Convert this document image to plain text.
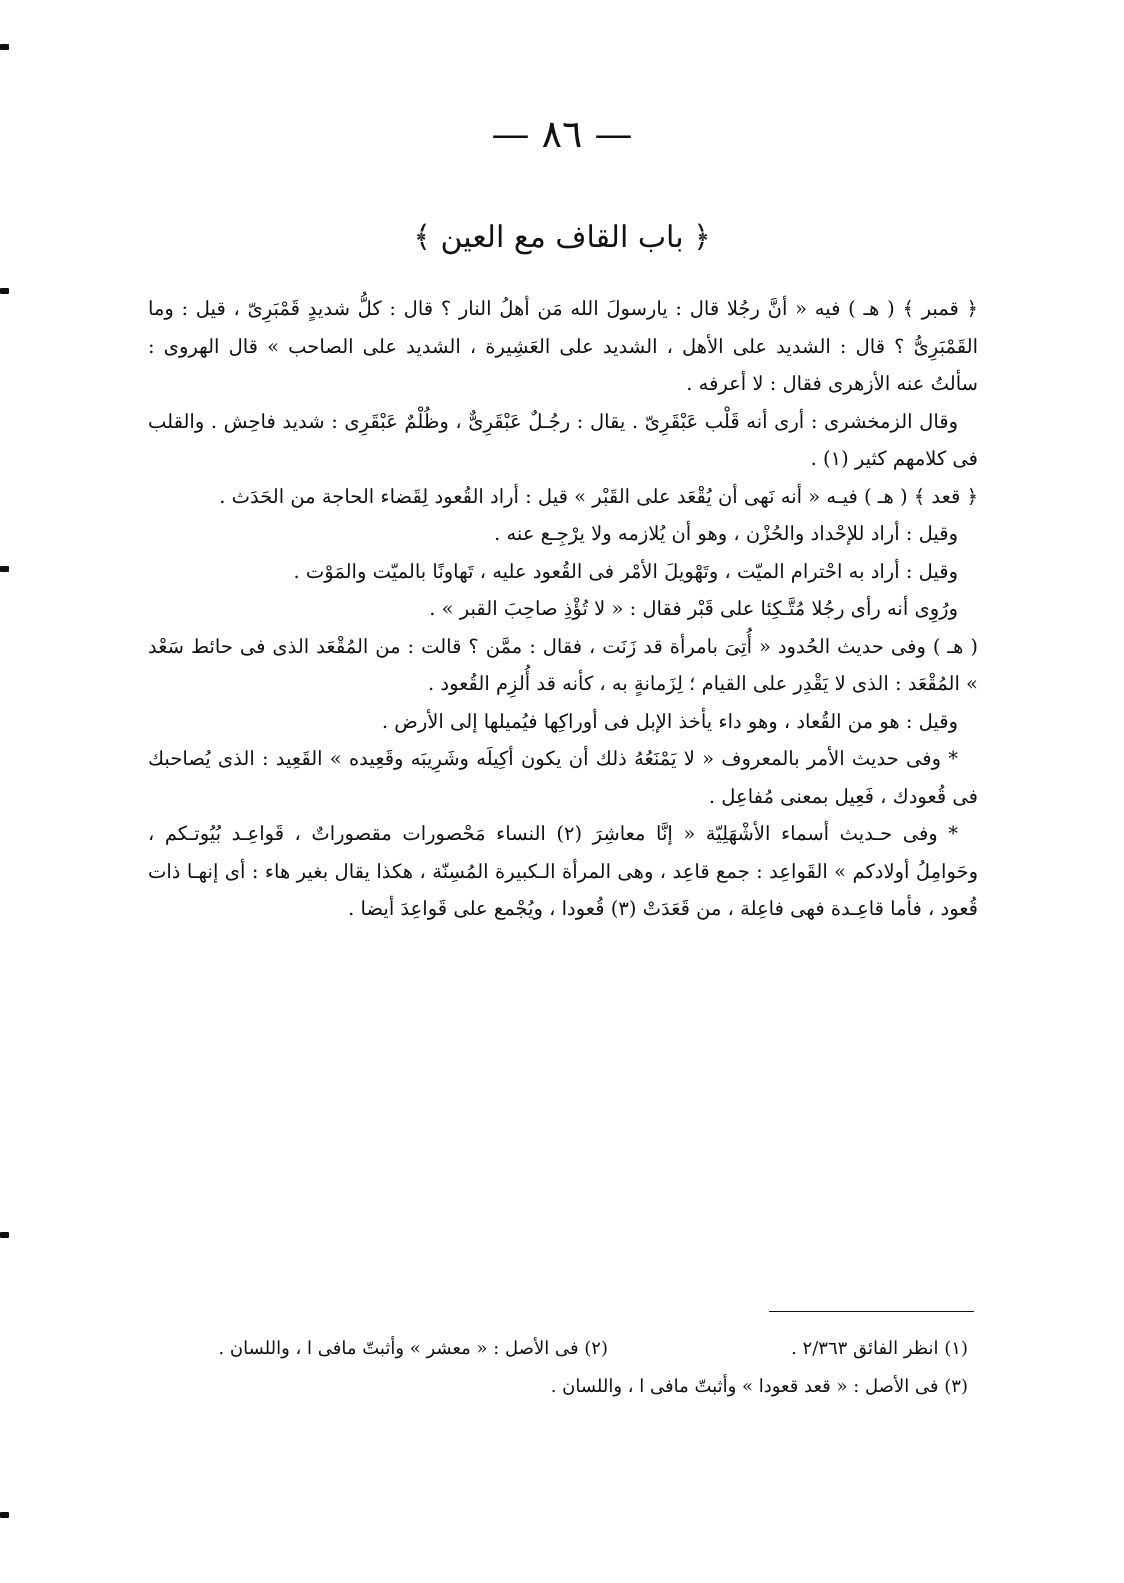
— ٨٦ —
﴿ باب القاف مع العين ﴾

﴿ قمبر ﴾ ( هـ ) فيه « أنَّ رجُلا قال : يارسولَ الله مَن أهلُ النار ؟ قال : كلُّ شديدٍ قَمْبَرِىّ ، قيل : وما القَمْبَرِىُّ ؟ قال : الشديد على الأهل ، الشديد على العَشِيرة ، الشديد على الصاحب » قال الهروى : سألتُ عنه الأزهرى فقال : لا أعرفه .

وقال الزمخشرى : أرى أنه قَلْب عَبْقَرِىّ . يقال : رجُـلٌ عَبْقَرِىٌّ ، وظُلْمٌ عَبْقَرِى : شديد فاحِش . والقلب فى كلامهم كثير (١) .

﴿ قعد ﴾ ( هـ ) فيـه « أنه نَهى أن يُقْعَد على القَبْر » قيل : أراد القُعود لِقَضاء الحاجة من الحَدَث .

وقيل : أراد للإحْداد والحُزْن ، وهو أن يُلازمه ولا يرْجِـع عنه .

وقيل : أراد به احْترام الميّت ، وتَهْويلَ الأمْر فى القُعود عليه ، تَهاونًا بالميّت والمَوْت .

ورُوِى أنه رأى رجُلا مُتَّـكِئا على قَبْر فقال : « لا تُؤْذِ صاحِبَ القبر » .

( هـ ) وفى حديث الحُدود « أُتِىَ بامرأة قد زَنَت ، فقال : ممَّن ؟ قالت : من المُقْعَد الذى فى حائط سَعْد » المُقْعَد : الذى لا يَقْدِر على القيام ؛ لِزَمانةٍ به ، كأنه قد أُلزِم القُعود .

وقيل : هو من القُعاد ، وهو داء يأخذ الإبل فى أوراكِها فيُميلها إلى الأرض .

* وفى حديث الأمر بالمعروف « لا يَمْنَعُهُ ذلك أن يكون أكِيلَه وشَرِيبَه وقَعِيده » القَعِيد : الذى يُصاحبك فى قُعودك ، فَعِيل بمعنى مُفاعِل .

* وفى حـديث أسماء الأشْهَلِيّة « إنَّا معاشِرَ (٢) النساء مَحْصورات مقصوراتٌ ، قَواعِـد بُيُوتـكم ، وحَوامِلُ أولادكم » القَواعِد : جمع قاعِد ، وهى المرأة الـكبيرة المُسِنّة ، هكذا يقال بغير هاء : أى إنهـا ذات قُعود ، فأما قاعِـدة فهى فاعِلة ، من قَعَدَتْ (٣) قُعودا ، ويُجْمع على قَواعِدَ أيضا .

(١) انظر الفائق ٢/٣٦٣ .
(٢) فى الأصل : « معشر » وأثبتّ مافى ا ، واللسان .
(٣) فى الأصل : « قعد قعودا » وأثبتّ مافى ا ، واللسان .
